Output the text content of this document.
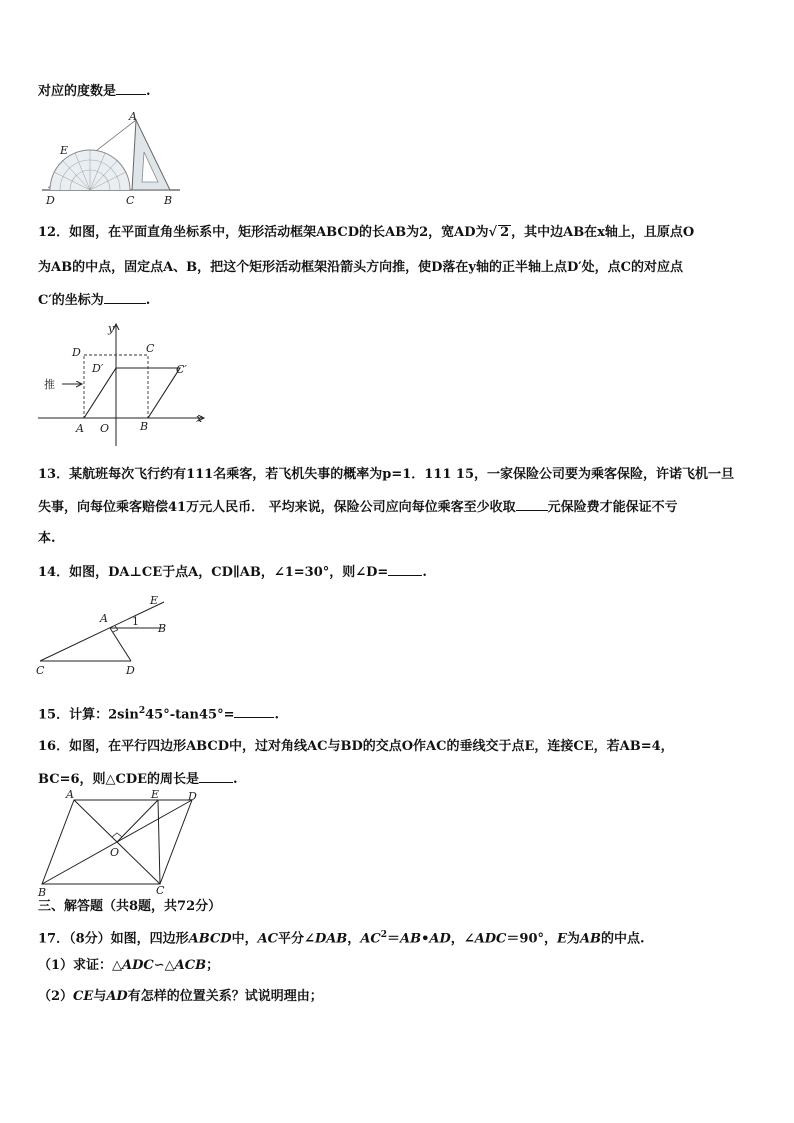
对应的度数是 .
A
E
D	C	B
12．如图，在平面直角坐标系中，矩形活动框架ABCD的长AB为2，宽AD为√ 2 ，其中边AB在x轴上，且原点O
为AB的中点，固定点A、B，把这个矩形活动框架沿箭头方向推，使D落在y轴的正半轴上点D′处，点C的对应点
C′的坐标为	.
y
x
D	C
D′	C′
推
A O	B
13．某航班每次飞行约有111名乘客，若飞机失事的概率为p=1．111 15，一家保险公司要为乘客保险，许诺飞机一旦
失事，向每位乘客赔偿41万元人民币． 平均来说，保险公司应向每位乘客至少收取 元保险费才能保证不亏
本.
14．如图，DA⊥CE于点A，CD∥AB，∠1=30°，则∠D=	.
E
A 1
B
C	D
15．计算：$2\sin^245^\circ-\tan 45^\circ=$	.
16．如图，在平行四边形ABCD中，过对角线AC与BD的交点O作AC的垂线交于点E，连接CE，若AB=4，
BC=6，则△CDE的周长是	.
A	E	D
O
B	C
三、解答题（共8题，共72分）
17．（8分）如图，四边形ABCD中，AC平分∠DAB，$AC^2=AB•AD$，∠ADC＝90°，E为AB的中点.
（1）求证：△ADC∽△ACB；
（2）CE与AD有怎样的位置关系？试说明理由；
